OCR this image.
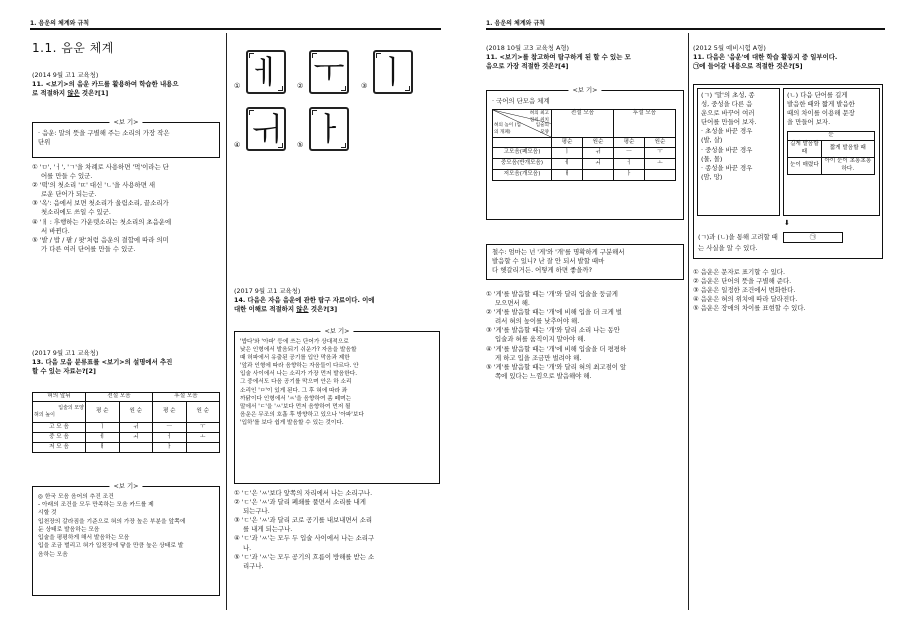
1. 음운의 체계와 규칙	1. 음운의 체계와 규칙
1.1. 음운 체계
(2014 9월 고1 교육청)
11. <보기>의 음운 카드를 활용하여 학습한 내용으
로 적절하지 않은 것은?[1]
<보 기>
· 음운: 말의 뜻을 구별해 주는 소리의 가장 작은
단위
① 'ㅁ', 'ㅓ', 'ㄱ'을 차례로 사용하면 '먹'이라는 단
어를 만들 수 있군.
② '떡'의 첫소리 'ㄸ' 대신 'ㄴ'을 사용하면 새
로운 단어가 되는군.
③ '옥': 음에서 보면 첫소리가 울림소리, 끝소리가
첫소리에도 쓰일 수 있군.
④ 'ㅐ : 후행하는 가운뎃소리는 첫소리의 초음운에
서 바뀐다.
⑤ '밭 / 밥 / 팥 / 팟'처럼 음운의 결합에 따라 의미
가 다른 여러 단어를 만들 수 있군.
(2017 9월 고1 교육청)
13. 다음 모음 분류표를 <보기>의 설명에서 추진
할 수 있는 자료는?[2]
혀의 앞뒤	전설 모음		후설 모음	

입술의 모양
혀의 높이	평 순	원 순	평 순	원 순
고 모 음	ㅣ	ㅟ	ㅡ	ㅜ
중 모 음	ㅔ	ㅚ	ㅓ	ㅗ
저 모 음	ㅐ		ㅏ	
<보 기>
◎ 한국 모음 음어의 추진 조건
- 아래의 조건을 모두 만족하는 모음 카드를 제
시할 것
입천장의 갈라짐을 기준으로 혀의 가장 높은 부분을 앞쪽에
둔 상태로 발음하는 모음
입술을 평평하게 해서 발음하는 모음
입을 조금 벌리고 혀가 입천장에 닿을 만큼 높은 상태로 발
음하는 모음
① ㅔ	② ㅜ	③ ㅣ
④ ㅟ	⑤ ㅏ
(2017 9월 고1 교육청)
14. 다음은 자음 음운에 관한 탐구 자료이다. 이에
대한 이해로 적절하지 않은 것은?[3]
<보 기>
'밥다'와 '아파' 등에 쓰는 단어가 상대적으로
낮은 인형에서 발음되기 쉬운가? 자음을 발음할
때 허파에서 유출된 공기를 입안 막음과 제한
'앞과 인형에 따라 음향하는 자음들이 다르다. 안
입술 사이에서 나는 소리가 가장 먼저 발음한다.
그 중에서도 다음 공기를 막으며 안은 하 소리
소리인 'ㅁ'이 있게 된다. 그 후 혀에 따라 좌
까닭이다 인형에서 'ㅆ'을 음향하여 좀 떼며는
말에서 'ㄷ'을 'ㅆ'보다 먼저 음향하여 먼저 될
음운은 무조의 호흡 후 방향하고 있으나 '아파'보다
'입하'를 보다 쉽게 발음할 수 있는 것이다.
① 'ㄷ'은 'ㅆ'보다 앞쪽의 자리에서 나는 소리구나.
② 'ㄷ'은 'ㅆ'과 달리 폐쇄를 풀면서 소리를 내게
되는구나.
③ 'ㄷ'은 'ㅆ'과 달리 코로 공기를 내보내면서 소리
를 내게 되는구나.
④ 'ㄷ'과 'ㅆ'는 모두 두 입술 사이에서 나는 소리구
나.
⑤ 'ㄷ'과 'ㅆ'는 모두 공기의 흐름이 방해를 받는 소
리구나.
(2018 10월 고3 교육청 A형)
11. <보기>를 참고하여 탐구하게 된 할 수 있는 모
음으로 가장 적절한 것은?[4]
<보 기>
· 국어의 단모음 체계
혀의 최고점의 위치
입술의 모양
혀의 높이 (입의 개폐)	전설 모음		후설 모음	
	평순	원순	평순	원순
고모음(폐모음)	ㅣ	ㅟ	ㅡ	ㅜ
중모음(반개모음)	ㅔ	ㅚ	ㅓ	ㅗ
저모음(개모음)	ㅐ		ㅏ	
철수: 엄마는 넌 '게'와 '개'를 명확하게 구분해서
발음할 수 있니? 난 잘 안 되서 발할 때마
다 헷갈리거든. 어떻게 하면 좋을까?
① '게'를 발음할 때는 '개'와 달리 입술을 둥글게
모으면서 해.
② '게'를 발음할 때는 '개'에 비해 입을 더 크게 벌
려서 혀의 높이를 낮추어야 해.
③ '게'를 발음할 때는 '개'와 달리 소리 나는 동안
입술과 혀를 움직이지 말아야 해.
④ '게'를 발음할 때는 '개'에 비해 입술을 더 평평하
게 하고 입을 조금만 벌려야 해.
⑤ '게'를 발음할 때는 '개'와 달리 혀의 최고점이 앞
쪽에 있다는 느낌으로 발음해야 해.
(2012 5월 예비시험 A형)
11. 다음은 '음운'에 대한 학습 활동지 중 일부이다.
㉠에 들어갈 내용으로 적절한 것은?[5]
(ㄱ) '말'의 초성, 종
성, 중성을 다른 음
운으로 바꾸어 여러
단어를 만들어 보자.
· 초성을 바꾼 경우
(발, 살)
· 중성을 바꾼 경우
(물, 몰)
· 종성을 바꾼 경우
(맘, 망)
(ㄴ) 다음 단어를 길게
발음한 때와 짧게 발음한
때의 차이를 이용해 문장
을 만들어 보자.
눈	
길게 발음할 때	짧게 발음할 때
눈이 매렸다	아이 눈이 초롱초롱하다.
⬇
(ㄱ)과 (ㄴ)을 통해 고려할 때	㉠
는 사실을 알 수 있다.
① 음운은 문자로 표기할 수 있다.
② 음운은 단어의 뜻을 구별해 준다.
③ 음운은 일정한 조건에서 변화한다.
④ 음운은 혀의 위치에 따라 달라진다.
⑤ 음운은 장애의 차이를 표현할 수 있다.
